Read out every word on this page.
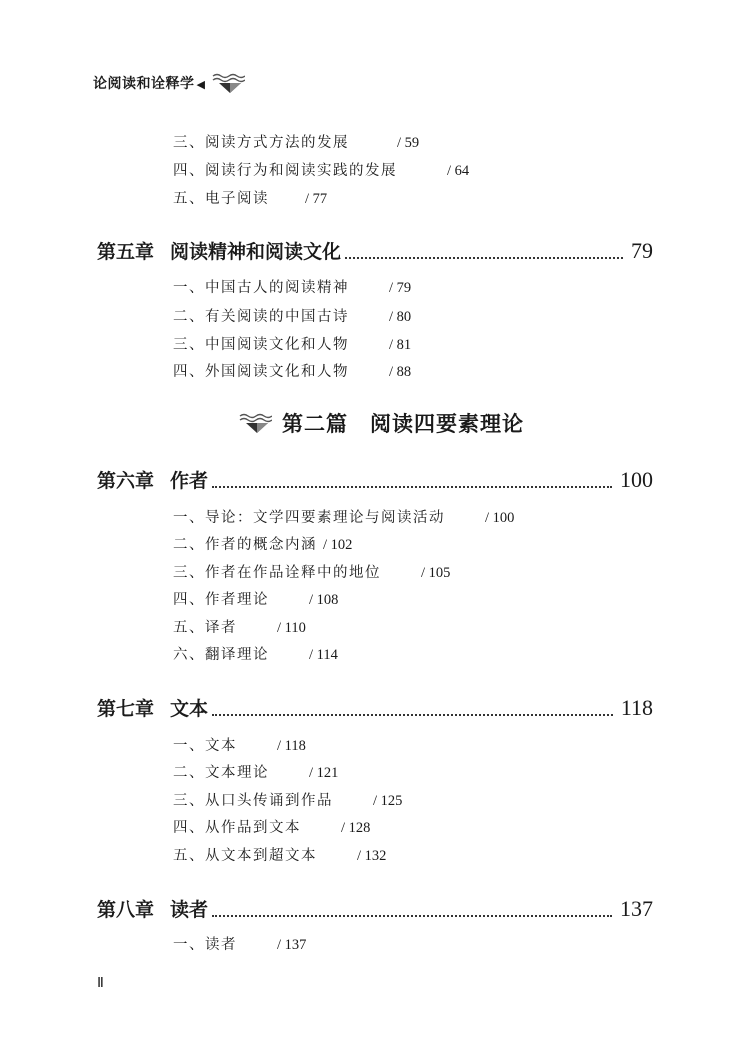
论阅读和诠释学 ◀
三、阅读方式方法的发展	/ 59
四、阅读行为和阅读实践的发展	/ 64
五、电子阅读 / 77
第五章 阅读精神和阅读文化	79
一、中国古人的阅读精神	/ 79
二、有关阅读的中国古诗	/ 80
三、中国阅读文化和人物	/ 81
四、外国阅读文化和人物	/ 88
第二篇　阅读四要素理论
第六章 作者	100
一、导论：文学四要素理论与阅读活动	/ 100
二、作者的概念内涵 / 102
三、作者在作品诠释中的地位	/ 105
四、作者理论	/ 108
五、译者	/ 110
六、翻译理论	/ 114
第七章 文本	118
一、文本	/ 118
二、文本理论	/ 121
三、从口头传诵到作品	/ 125
四、从作品到文本	/ 128
五、从文本到超文本	/ 132
第八章 读者	137
一、读者	/ 137
Ⅱ
